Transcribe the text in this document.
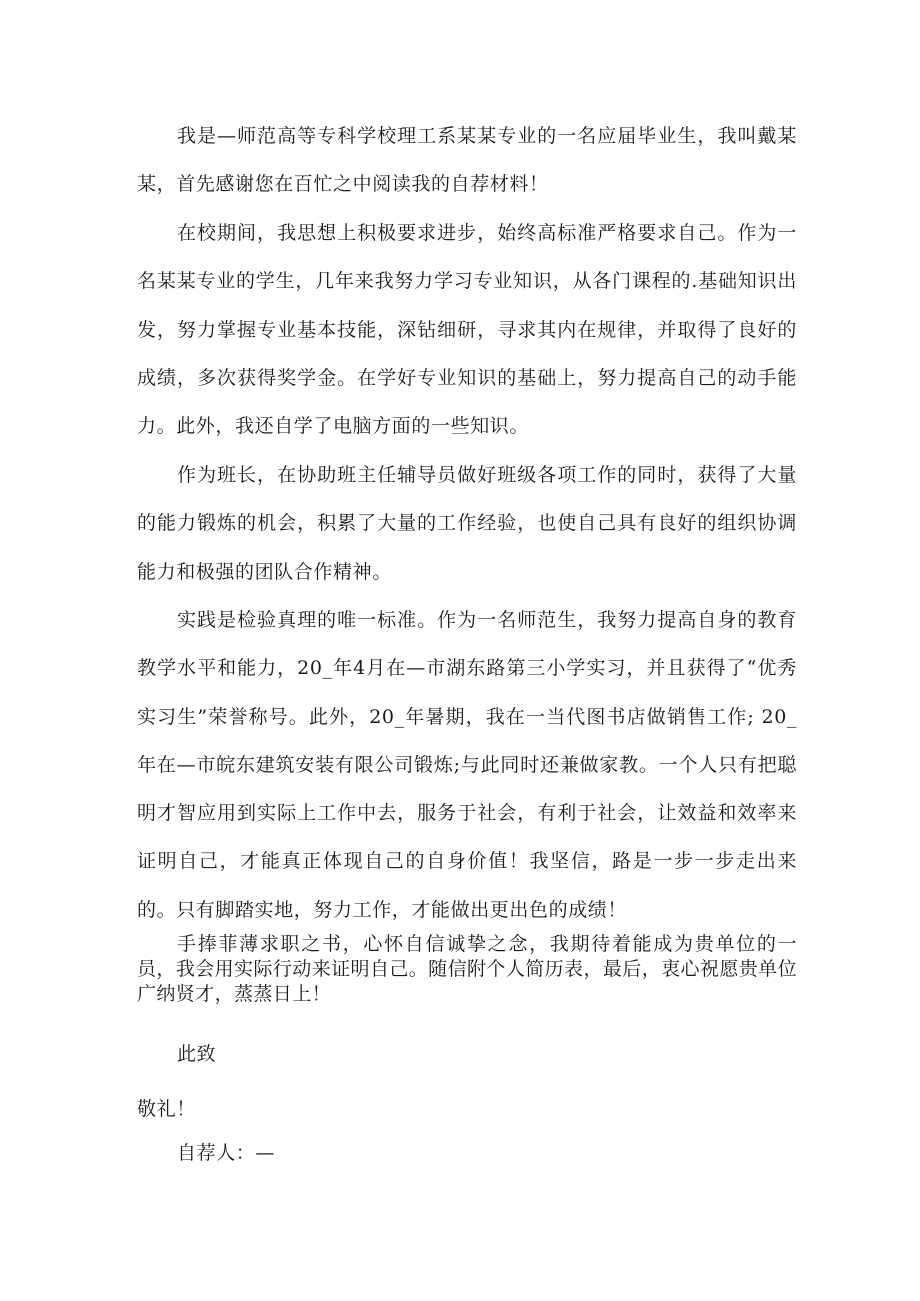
我是—师范高等专科学校理工系某某专业的一名应届毕业生，我叫戴某某，首先感谢您在百忙之中阅读我的自荐材料！

在校期间，我思想上积极要求进步，始终高标准严格要求自己。作为一名某某专业的学生，几年来我努力学习专业知识，从各门课程的.基础知识出发，努力掌握专业基本技能，深钻细研，寻求其内在规律，并取得了良好的成绩，多次获得奖学金。在学好专业知识的基础上，努力提高自己的动手能力。此外，我还自学了电脑方面的一些知识。

作为班长，在协助班主任辅导员做好班级各项工作的同时，获得了大量的能力锻炼的机会，积累了大量的工作经验，也使自己具有良好的组织协调能力和极强的团队合作精神。

实践是检验真理的唯一标准。作为一名师范生，我努力提高自身的教育教学水平和能力，20_年4月在—市湖东路第三小学实习，并且获得了“优秀实习生”荣誉称号。此外，20_年暑期，我在一当代图书店做销售工作; 20_年在—市皖东建筑安装有限公司锻炼;与此同时还兼做家教。一个人只有把聪明才智应用到实际上工作中去，服务于社会，有利于社会，让效益和效率来证明自己，才能真正体现自己的自身价值！我坚信，路是一步一步走出来的。只有脚踏实地，努力工作，才能做出更出色的成绩！

手捧菲薄求职之书，心怀自信诚挚之念，我期待着能成为贵单位的一员，我会用实际行动来证明自己。随信附个人简历表，最后，衷心祝愿贵单位广纳贤才，蒸蒸日上！

此致

敬礼！

自荐人：—
